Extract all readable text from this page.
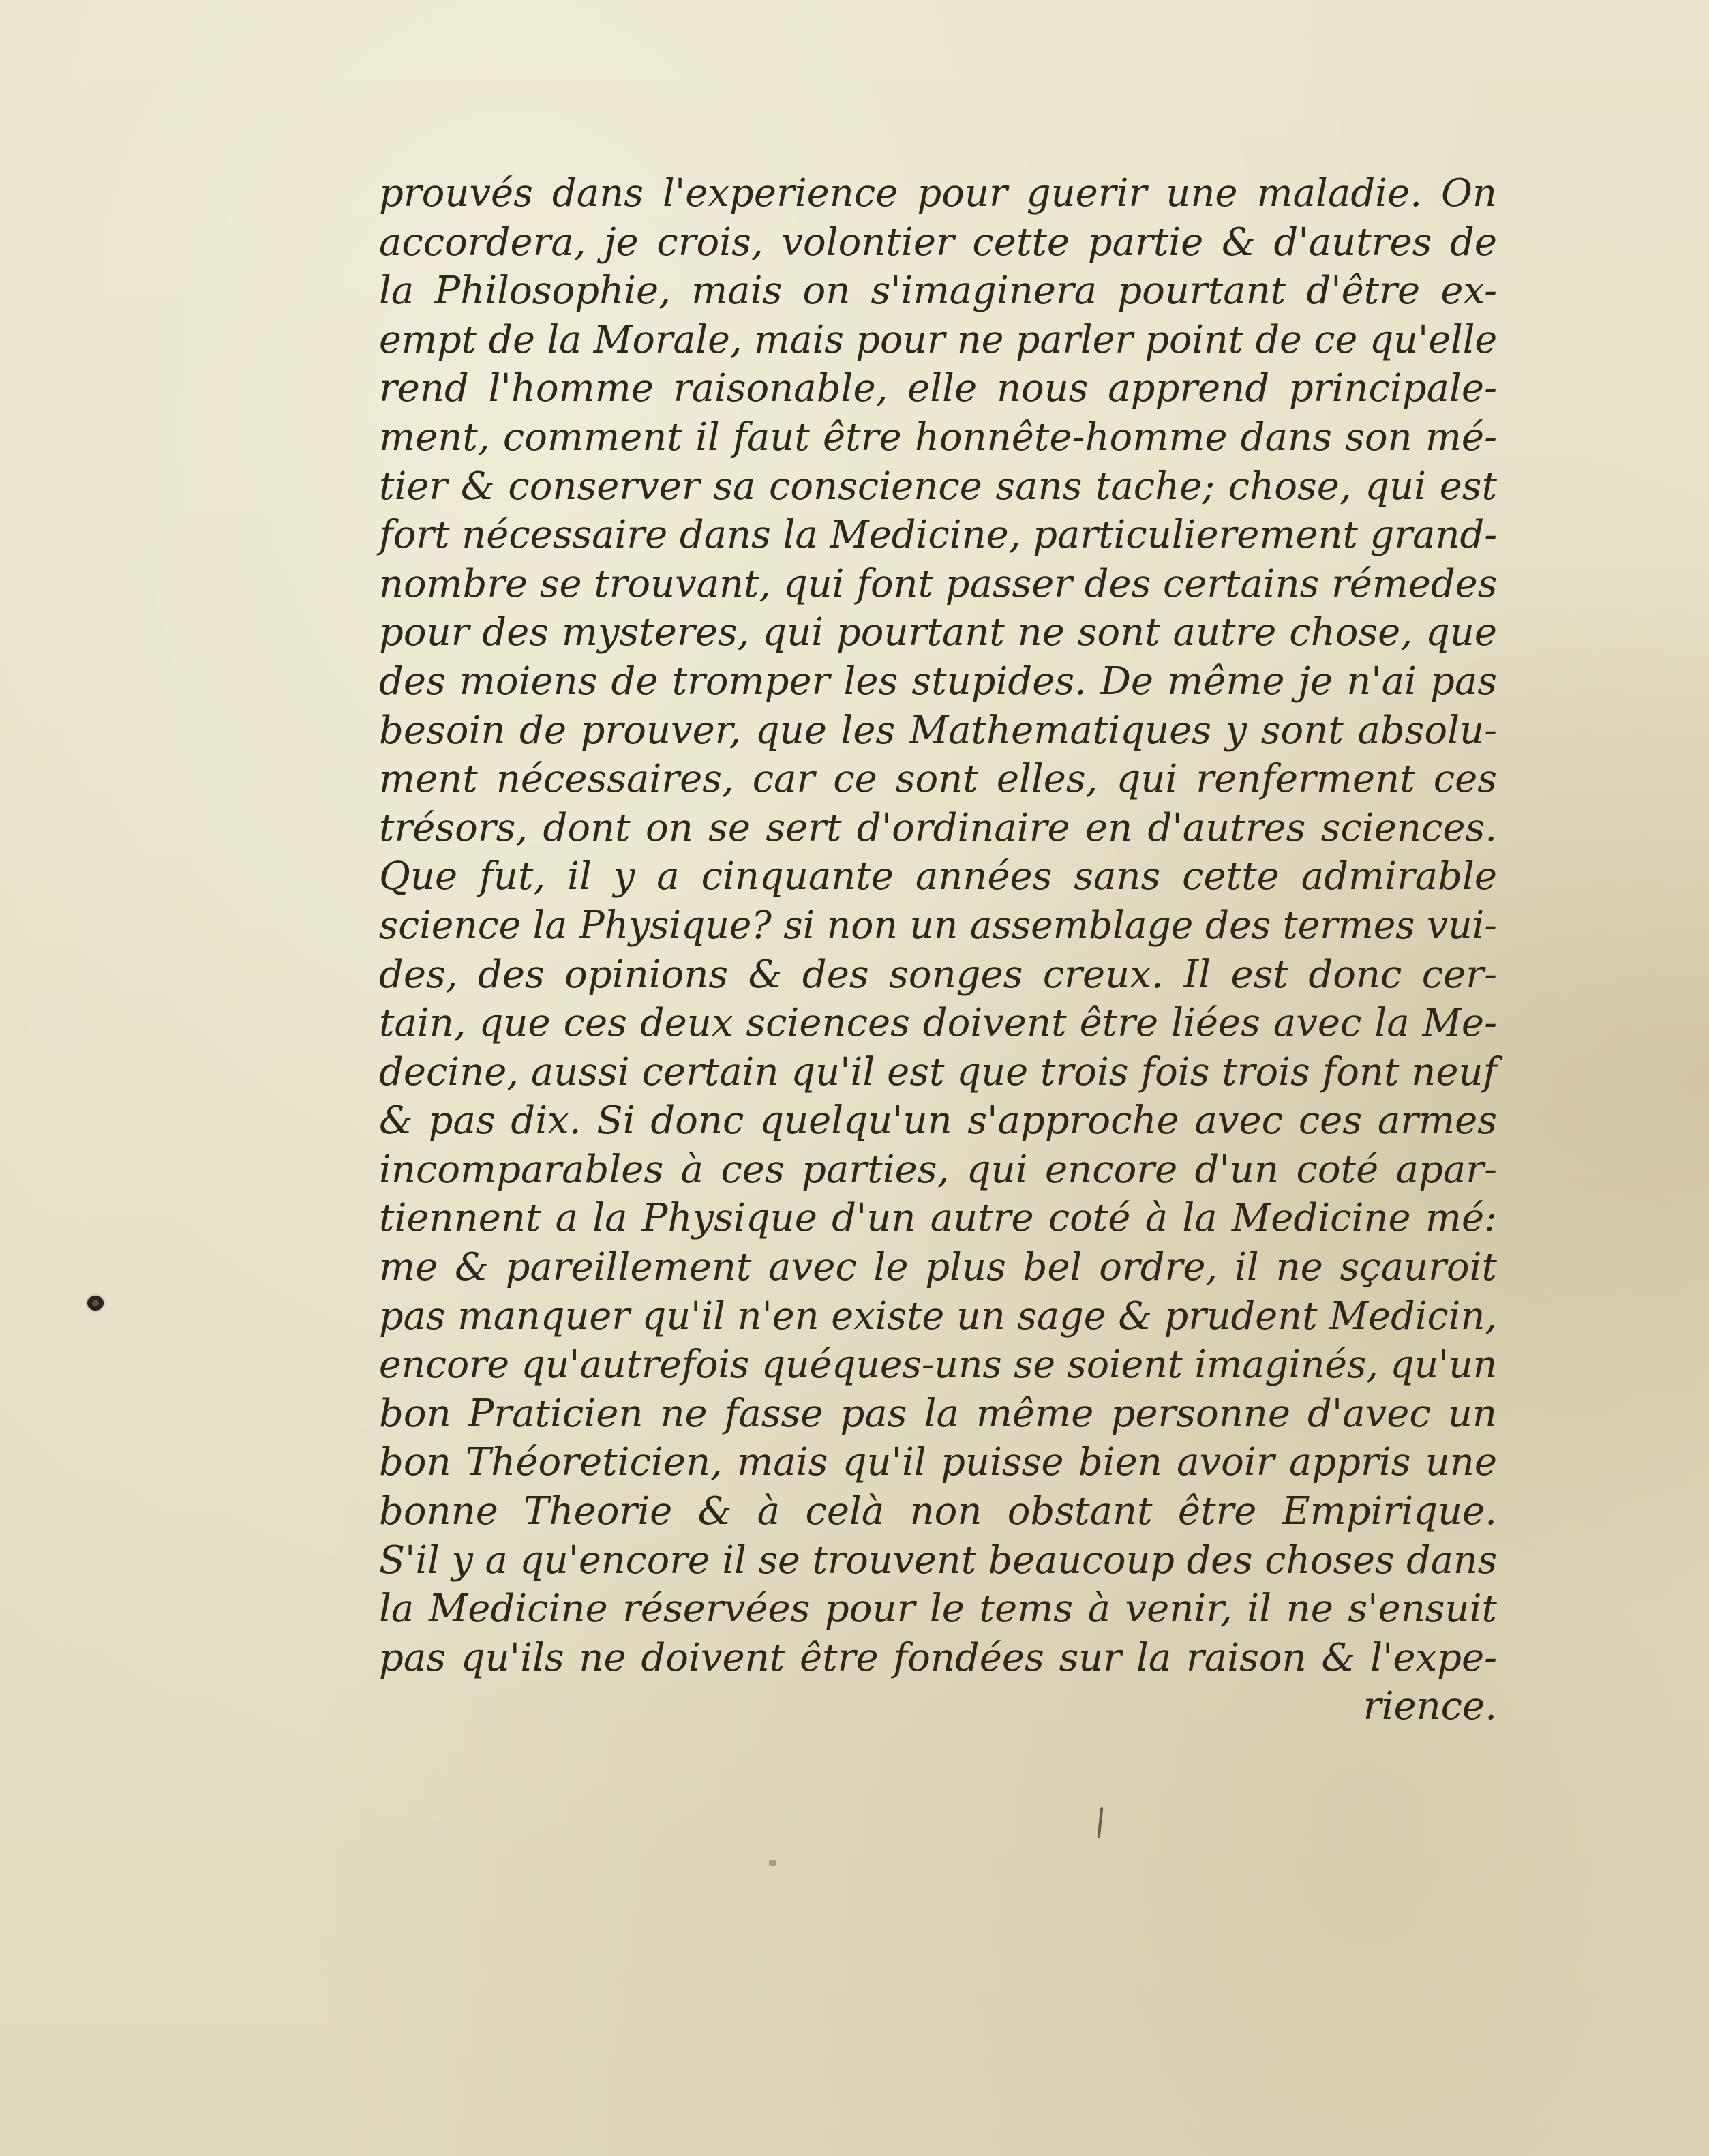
prouvés dans l'experience pour guerir une maladie. On
accordera, je crois, volontier cette partie & d'autres de
la Philosophie, mais on s'imaginera pourtant d'être ex-
empt de la Morale, mais pour ne parler point de ce qu'elle
rend l'homme raisonable, elle nous apprend principale-
ment, comment il faut être honnête-homme dans son mé-
tier & conserver sa conscience sans tache; chose, qui est
fort nécessaire dans la Medicine, particulierement grand-
nombre se trouvant, qui font passer des certains rémedes
pour des mysteres, qui pourtant ne sont autre chose, que
des moiens de tromper les stupides. De même je n'ai pas
besoin de prouver, que les Mathematiques y sont absolu-
ment nécessaires, car ce sont elles, qui renferment ces
trésors, dont on se sert d'ordinaire en d'autres sciences.
Que fut, il y a cinquante années sans cette admirable
science la Physique? si non un assemblage des termes vui-
des, des opinions & des songes creux. Il est donc cer-
tain, que ces deux sciences doivent être liées avec la Me-
decine, aussi certain qu'il est que trois fois trois font neuf
& pas dix. Si donc quelqu'un s'approche avec ces armes
incomparables à ces parties, qui encore d'un coté apar-
tiennent a la Physique d'un autre coté à la Medicine mé:
me & pareillement avec le plus bel ordre, il ne sçauroit
pas manquer qu'il n'en existe un sage & prudent Medicin,
encore qu'autrefois quéques-uns se soient imaginés, qu'un
bon Praticien ne fasse pas la même personne d'avec un
bon Théoreticien, mais qu'il puisse bien avoir appris une
bonne Theorie & à celà non obstant être Empirique.
S'il y a qu'encore il se trouvent beaucoup des choses dans
la Medicine réservées pour le tems à venir, il ne s'ensuit
pas qu'ils ne doivent être fondées sur la raison & l'expe-
rience.
